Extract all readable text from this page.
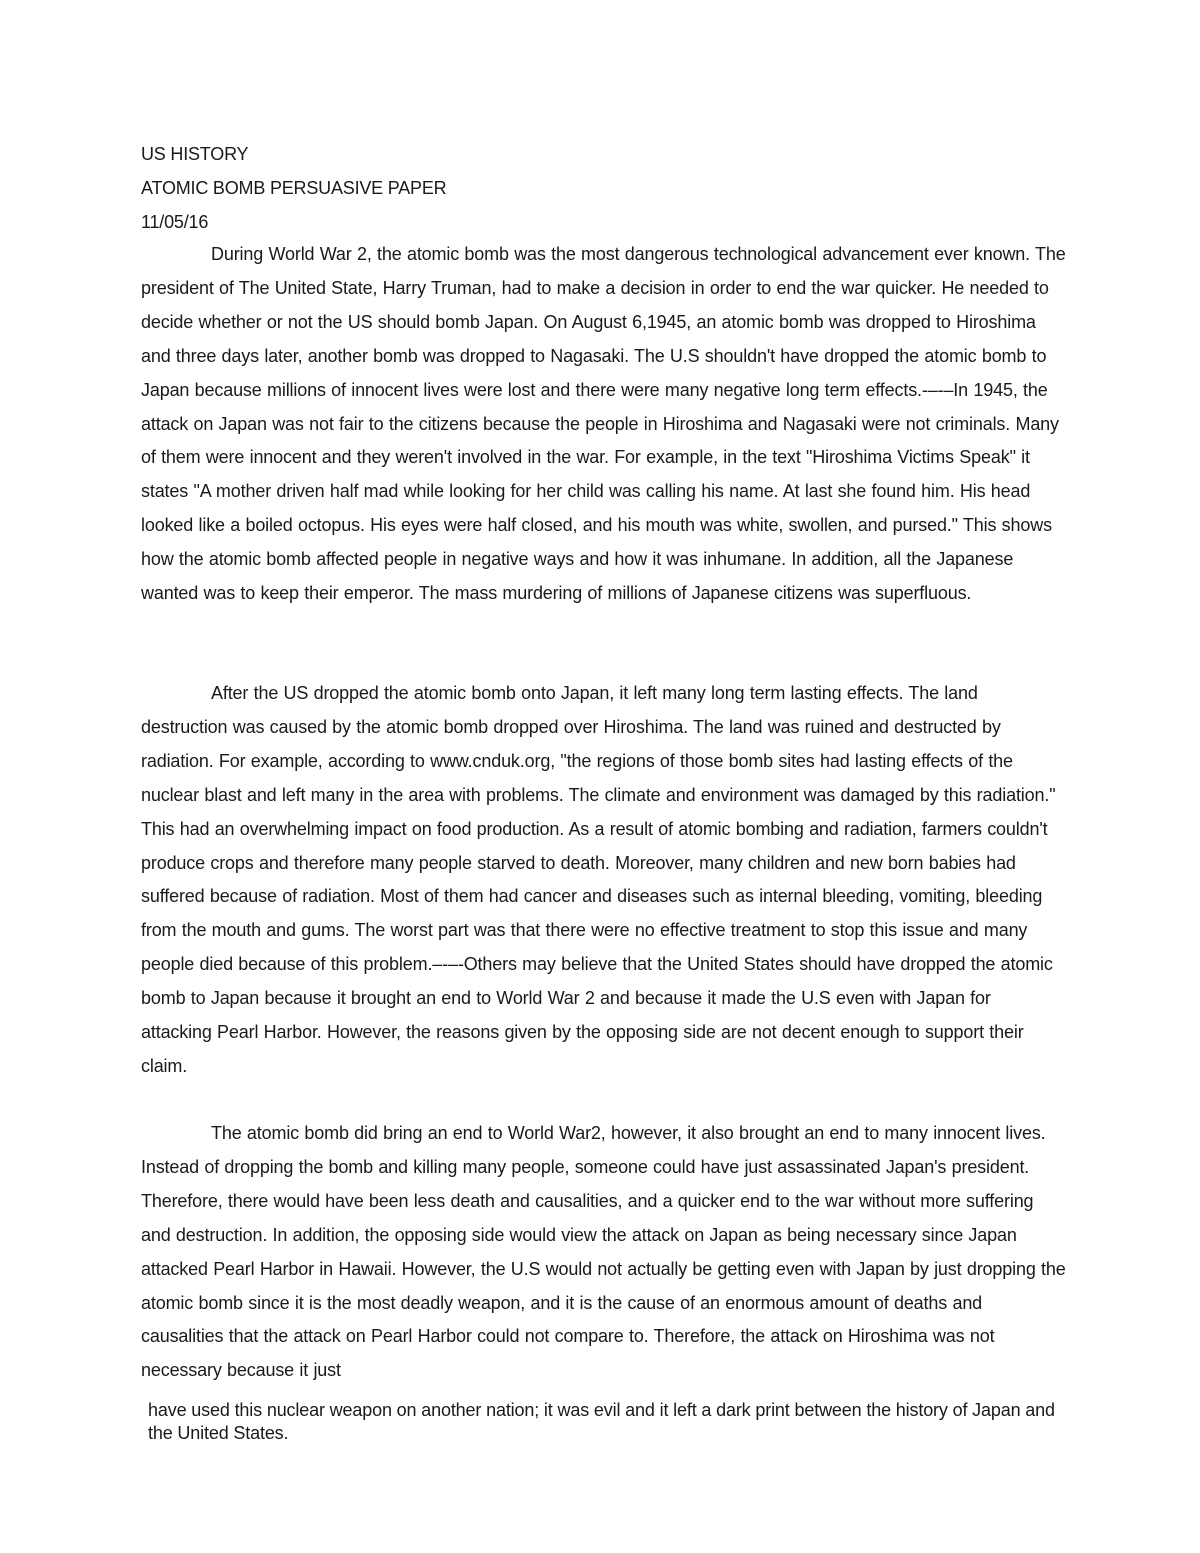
US HISTORY
ATOMIC BOMB PERSUASIVE PAPER
11/05/16

During World War 2, the atomic bomb was the most dangerous technological advancement ever known. The president of The United State, Harry Truman, had to make a decision in order to end the war quicker. He needed to decide whether or not the US should bomb Japan. On August 6,1945, an atomic bomb was dropped to Hiroshima and three days later, another bomb was dropped to Nagasaki. The U.S shouldn't have dropped the atomic bomb to Japan because millions of innocent lives were lost and there were many negative long term effects.-–-–In 1945, the attack on Japan was not fair to the citizens because the people in Hiroshima and Nagasaki were not criminals. Many of them were innocent and they weren't involved in the war. For example, in the text "Hiroshima Victims Speak" it states "A mother driven half mad while looking for her child was calling his name. At last she found him. His head looked like a boiled octopus. His eyes were half closed, and his mouth was white, swollen, and pursed." This shows how the atomic bomb affected people in negative ways and how it was inhumane. In addition, all the Japanese wanted was to keep their emperor. The mass murdering of millions of Japanese citizens was superfluous.

After the US dropped the atomic bomb onto Japan, it left many long term lasting effects. The land destruction was caused by the atomic bomb dropped over Hiroshima. The land was ruined and destructed by radiation. For example, according to www.cnduk.org, "the regions of those bomb sites had lasting effects of the nuclear blast and left many in the area with problems. The climate and environment was damaged by this radiation." This had an overwhelming impact on food production. As a result of atomic bombing and radiation, farmers couldn't produce crops and therefore many people starved to death. Moreover, many children and new born babies had suffered because of radiation. Most of them had cancer and diseases such as internal bleeding, vomiting, bleeding from the mouth and gums. The worst part was that there were no effective treatment to stop this issue and many people died because of this problem.–-–-Others may believe that the United States should have dropped the atomic bomb to Japan because it brought an end to World War 2 and because it made the U.S even with Japan for attacking Pearl Harbor. However, the reasons given by the opposing side are not decent enough to support their claim.

The atomic bomb did bring an end to World War2, however, it also brought an end to many innocent lives. Instead of dropping the bomb and killing many people, someone could have just assassinated Japan's president. Therefore, there would have been less death and causalities, and a quicker end to the war without more suffering and destruction. In addition, the opposing side would view the attack on Japan as being necessary since Japan attacked Pearl Harbor in Hawaii. However, the U.S would not actually be getting even with Japan by just dropping the atomic bomb since it is the most deadly weapon, and it is the cause of an enormous amount of deaths and causalities that the attack on Pearl Harbor could not compare to. Therefore, the attack on Hiroshima was not necessary because it just

have used this nuclear weapon on another nation; it was evil and it left a dark print between the history of Japan and the United States.
